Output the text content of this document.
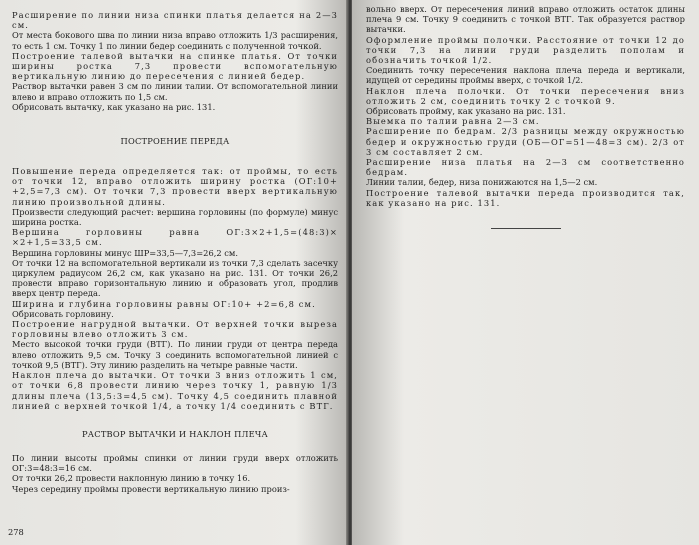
Расширение по линии низа спинки платья делается на 2—3 см.

От места бокового шва по линии низа вправо отложить 1/3 расширения, то есть 1 см. Точку 1 по линии бедер соединить с полученной точкой.

Построение талевой вытачки на спинке платья. От точки ширины ростка 7,3 провести вспомогательную вертикальную линию до пересечения с линией бедер.

Раствор вытачки равен 3 см по линии талии. От вспомогательной линии влево и вправо отложить по 1,5 см.

Обрисовать вытачку, как указано на рис. 131.

ПОСТРОЕНИЕ ПЕРЕДА

Повышение переда определяется так: от проймы, то есть от точки 12, вправо отложить ширину ростка (ОГ:10+ +2,5=7,3 см). От точки 7,3 провести вверх вертикальную линию произвольной длины.

Произвести следующий расчет: вершина горловины (по формуле) минус ширина ростка.

Вершина горловины равна ОГ:3×2+1,5=(48:3)× ×2+1,5=33,5 см.

Вершина горловины минус ШР=33,5—7,3=26,2 см.

От точки 12 на вспомогательной вертикали из точки 7,3 сделать засечку циркулем радиусом 26,2 см, как указано на рис. 131. От точки 26,2 провести вправо горизонтальную линию и образовать угол, продлив вверх центр переда.

Ширина и глубина горловины равны ОГ:10+ +2=6,8 см.

Обрисовать горловину.

Построение нагрудной вытачки. От верхней точки выреза горловины влево отложить 3 см.

Место высокой точки груди (ВТГ). По линии груди от центра переда влево отложить 9,5 см. Точку 3 соединить вспомогательной линией с точкой 9,5 (ВТГ). Эту линию разделить на четыре равные части.

Наклон плеча до вытачки. От точки 3 вниз отложить 1 см, от точки 6,8 провести линию через точку 1, равную 1/3 длины плеча (13,5:3=4,5 см). Точку 4,5 соединить плавной линией с верхней точкой 1/4, а точку 1/4 соединить с ВТГ.

РАСТВОР ВЫТАЧКИ И НАКЛОН ПЛЕЧА

По линии высоты проймы спинки от линии груди вверх отложить ОГ:3=48:3=16 см.

От точки 26,2 провести наклонную линию в точку 16.

Через середину проймы провести вертикальную линию произ-

278

вольно вверх. От пересечения линий вправо отложить остаток длины плеча 9 см. Точку 9 соединить с точкой ВТГ. Так образуется раствор вытачки.

Оформление проймы полочки. Расстояние от точки 12 до точки 7,3 на линии груди разделить пополам и обозначить точкой 1/2.

Соединить точку пересечения наклона плеча переда и вертикали, идущей от середины проймы вверх, с точкой 1/2.

Наклон плеча полочки. От точки пересечения вниз отложить 2 см, соединить точку 2 с точкой 9.

Обрисовать пройму, как указано на рис. 131.

Выемка по талии равна 2—3 см.

Расширение по бедрам. 2/3 разницы между окружностью бедер и окружностью груди (ОБ—ОГ=51—48=3 см). 2/3 от 3 см составляет 2 см.

Расширение низа платья на 2—3 см соответственно бедрам.

Линии талии, бедер, низа понижаются на 1,5—2 см.

Построение талевой вытачки переда производится так, как указано на рис. 131.
